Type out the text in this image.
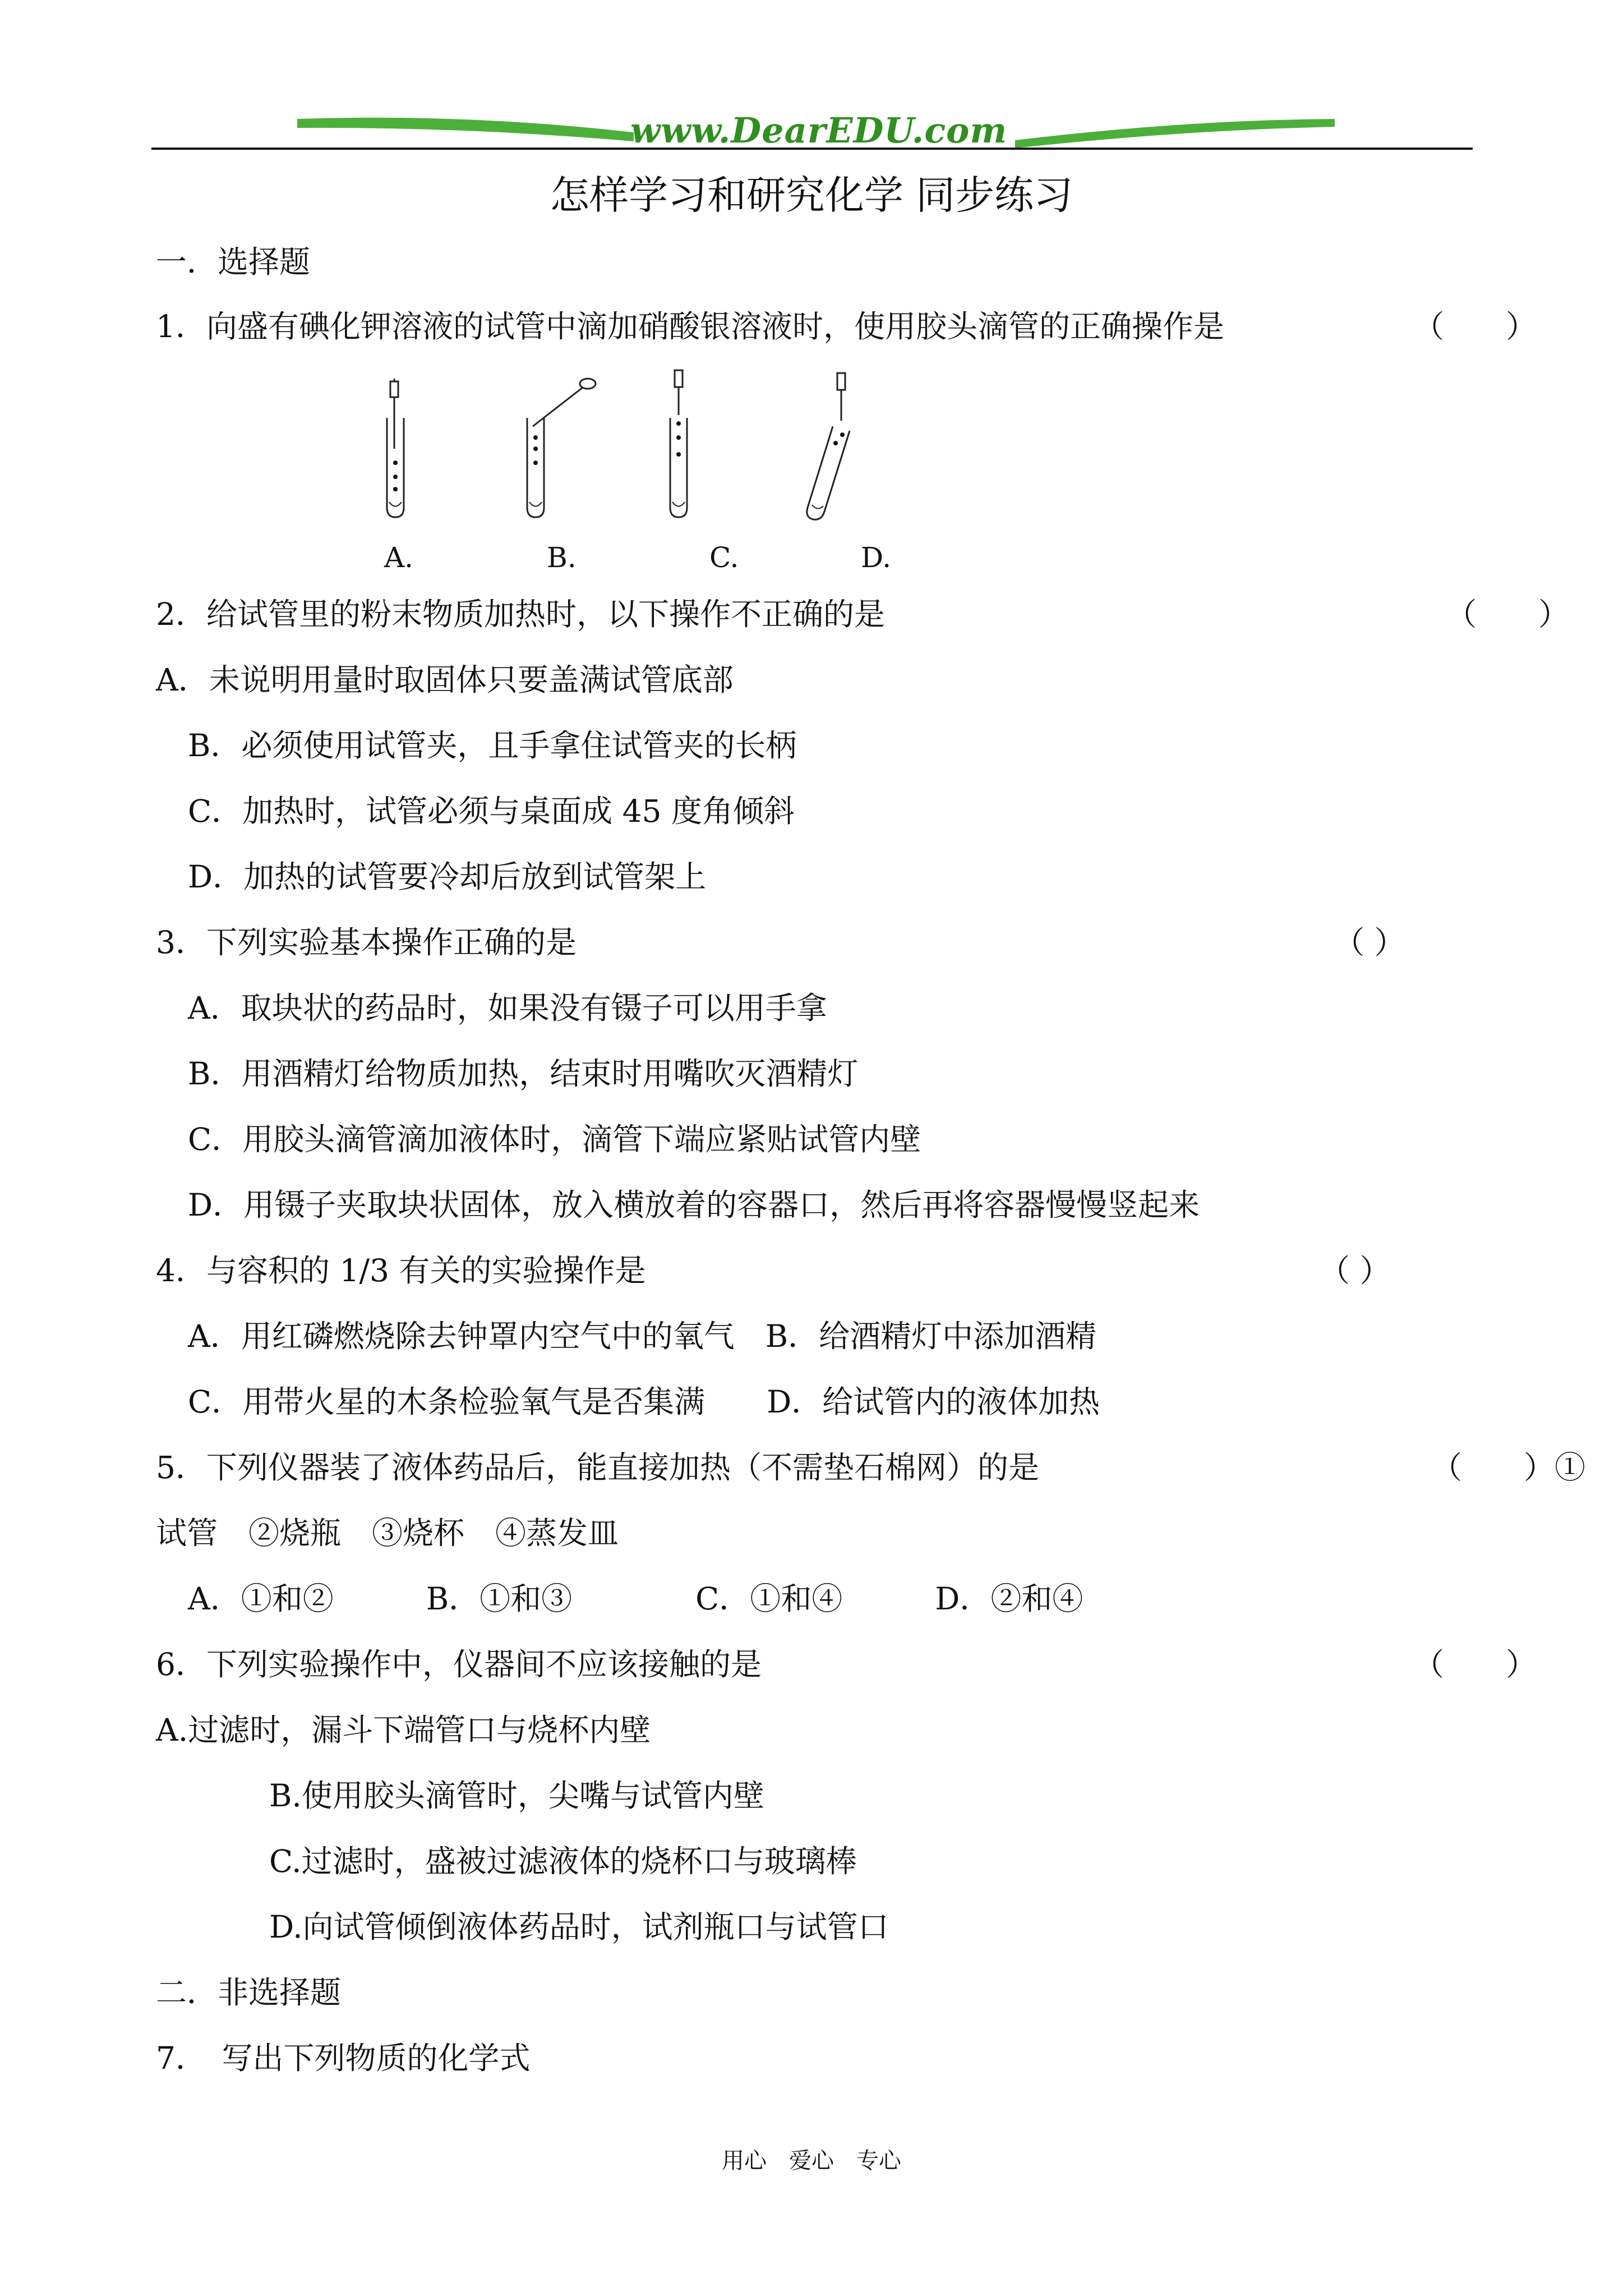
www.DearEDU.com
怎样学习和研究化学 同步练习
一．选择题
1．向盛有碘化钾溶液的试管中滴加硝酸银溶液时，使用胶头滴管的正确操作是	（　　）
A.	B.	C.	D.
2．给试管里的粉末物质加热时，以下操作不正确的是	（　　）
A．未说明用量时取固体只要盖满试管底部
B．必须使用试管夹，且手拿住试管夹的长柄
C．加热时，试管必须与桌面成 45 度角倾斜
D．加热的试管要冷却后放到试管架上
3．下列实验基本操作正确的是	（ ）
A．取块状的药品时，如果没有镊子可以用手拿
B．用酒精灯给物质加热，结束时用嘴吹灭酒精灯
C．用胶头滴管滴加液体时，滴管下端应紧贴试管内壁
D．用镊子夹取块状固体，放入横放着的容器口，然后再将容器慢慢竖起来
4．与容积的 1/3 有关的实验操作是	（ ）
A．用红磷燃烧除去钟罩内空气中的氧气　B．给酒精灯中添加酒精
C．用带火星的木条检验氧气是否集满　　D．给试管内的液体加热
5．下列仪器装了液体药品后，能直接加热（不需垫石棉网）的是	（　　）①
试管　②烧瓶　③烧杯　④蒸发皿
A．①和②　　　B．①和③　　　　C．①和④　　　D．②和④
6．下列实验操作中，仪器间不应该接触的是	（　　）
A.过滤时，漏斗下端管口与烧杯内壁
B.使用胶头滴管时，尖嘴与试管内壁
C.过滤时，盛被过滤液体的烧杯口与玻璃棒
D.向试管倾倒液体药品时，试剂瓶口与试管口
二．非选择题
7．　写出下列物质的化学式
用心　爱心　专心
